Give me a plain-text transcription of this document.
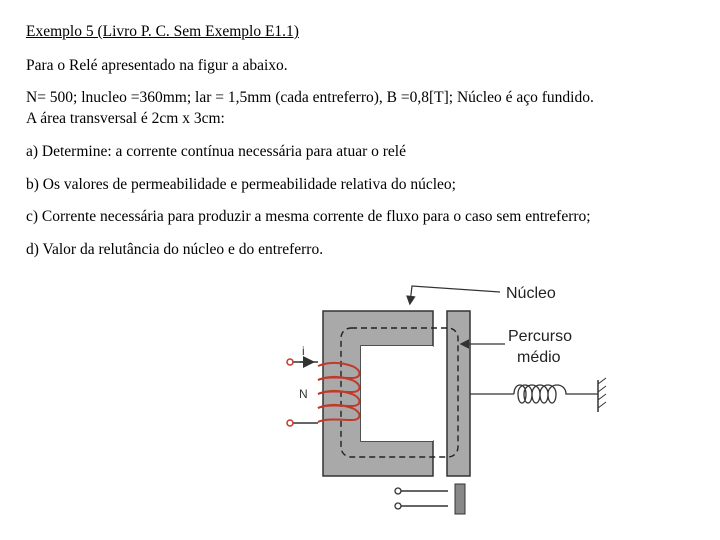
Exemplo 5 (Livro P. C. Sem Exemplo E1.1)
Para o Relé apresentado na figur a abaixo.
N= 500; lnucleo =360mm; lar = 1,5mm (cada entreferro), B =0,8[T]; Núcleo é aço fundido.
A área transversal é 2cm x 3cm:
a) Determine: a corrente contínua necessária para atuar o relé
b) Os valores de permeabilidade e permeabilidade relativa do núcleo;
c) Corrente necessária para produzir a mesma corrente de fluxo para o caso sem entreferro;
d) Valor da relutância do núcleo e do entreferro.
i
N
Núcleo
Percurso
médio
